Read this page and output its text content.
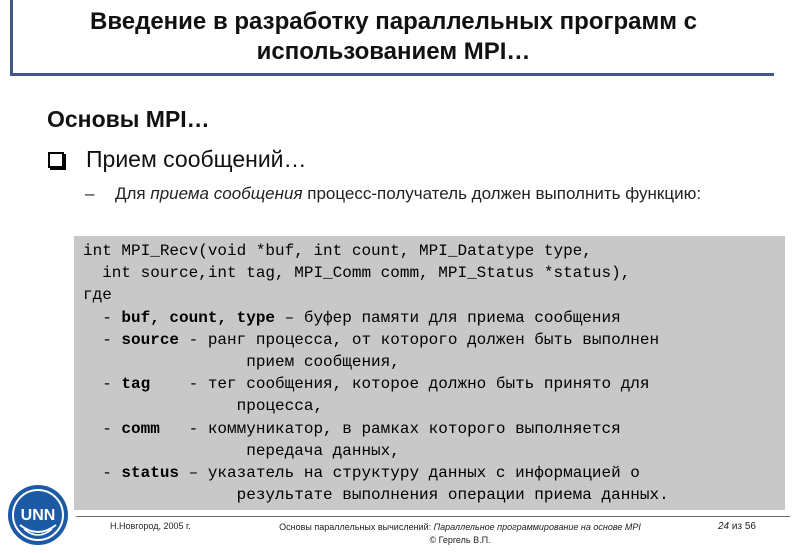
Введение в разработку параллельных программ с использованием MPI…
Основы MPI…
Прием сообщений…
–	Для приема сообщения процесс-получатель должен выполнить функцию:
int MPI_Recv(void *buf, int count, MPI_Datatype type,
int source,int tag, MPI_Comm comm, MPI_Status *status),
где
- buf, count, type – буфер памяти для приема сообщения
- source - ранг процесса, от которого должен быть выполнен
прием сообщения,
- tag    - тег сообщения, которое должно быть принято для
процесса,
- comm   - коммуникатор, в рамках которого выполняется
передача данных,
- status – указатель на структуру данных с информацией о
результате выполнения операции приема данных.
UNN
Н.Новгород, 2005 г.	Основы параллельных вычислений: Параллельное программирование на основе MPI
© Гергель В.П.
24 из 56
